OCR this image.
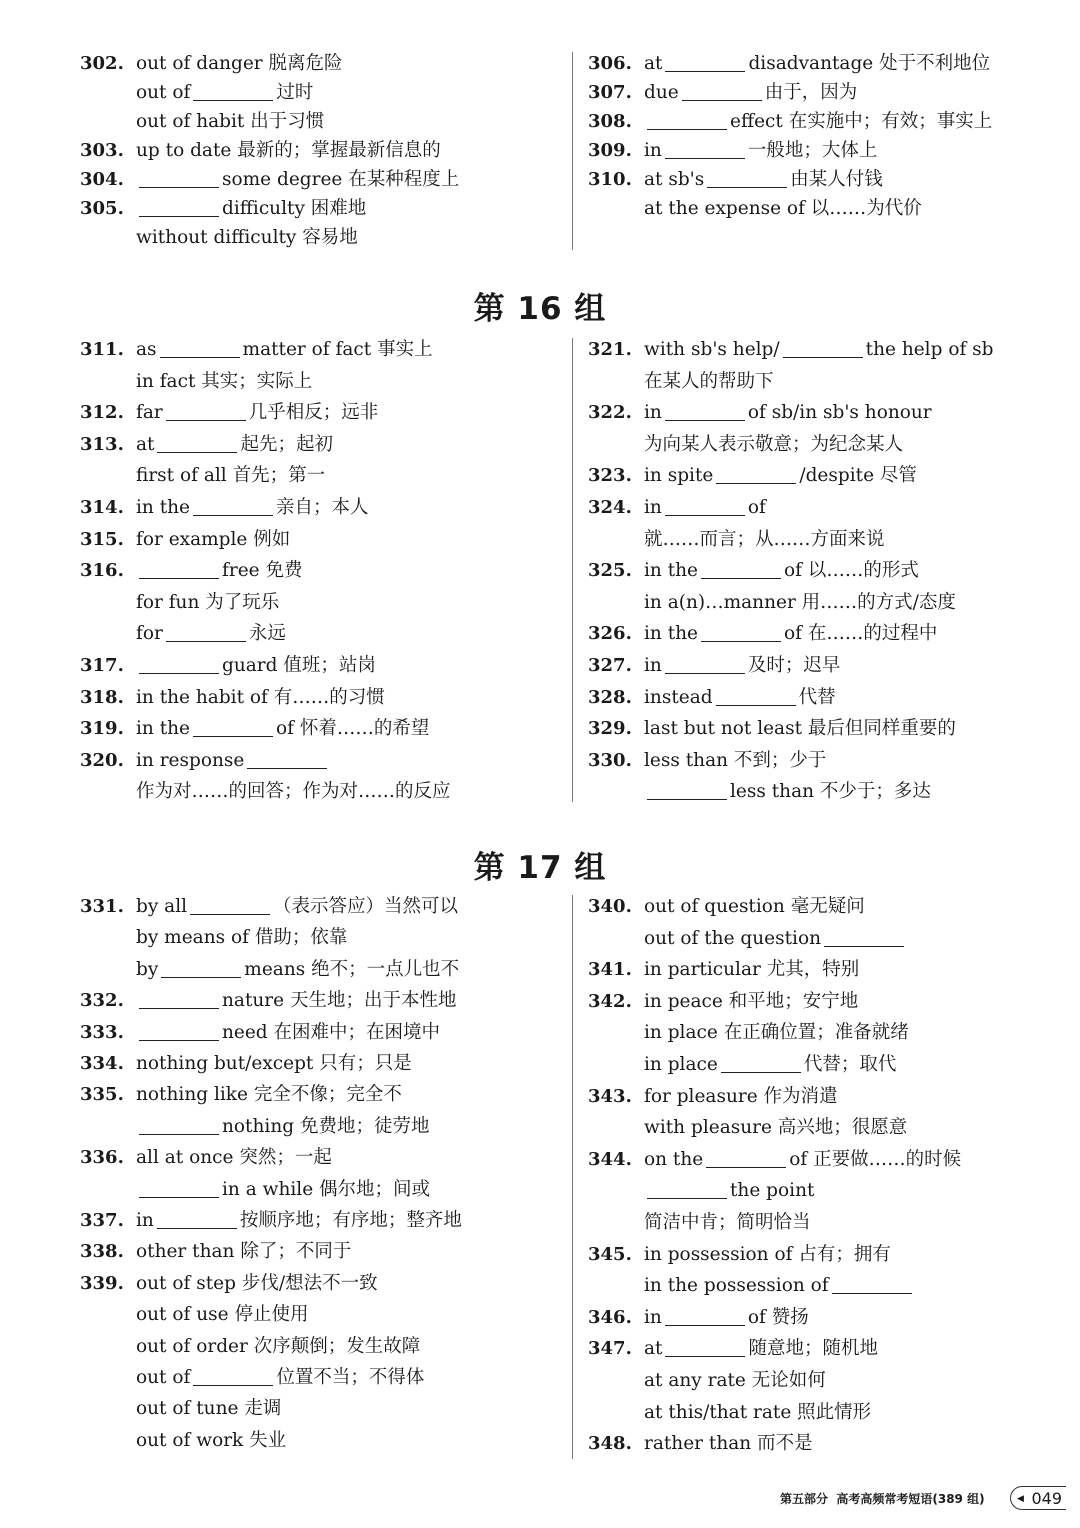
302. out of danger 脱离危险
out of	过时
out of habit 出于习惯
303. up to date 最新的；掌握最新信息的
304.	some degree 在某种程度上
305.	difficulty 困难地
without difficulty 容易地
306. at	disadvantage 处于不利地位
307. due	由于，因为
308.	effect 在实施中；有效；事实上
309. in	一般地；大体上
310. at sb's	由某人付钱
at the expense of 以……为代价
第 16 组
311. as	matter of fact 事实上
in fact 其实；实际上
312. far	几乎相反；远非
313. at	起先；起初
first of all 首先；第一
314. in the	亲自；本人
315. for example 例如
316.	free 免费
for fun 为了玩乐
for	永远
317.	guard 值班；站岗
318. in the habit of 有……的习惯
319. in the	of 怀着……的希望
320. in response
作为对……的回答；作为对……的反应
321. with sb's help/	the help of sb
在某人的帮助下
322. in	of sb/in sb's honour
为向某人表示敬意；为纪念某人
323. in spite	/despite 尽管
324. in	of
就……而言；从……方面来说
325. in the	of 以……的形式
in a(n)…manner 用……的方式/态度
326. in the	of 在……的过程中
327. in	及时；迟早
328. instead	代替
329. last but not least 最后但同样重要的
330. less than 不到；少于
less than 不少于；多达
第 17 组
331. by all	（表示答应）当然可以
by means of 借助；依靠
by	means 绝不；一点儿也不
332.	nature 天生地；出于本性地
333.	need 在困难中；在困境中
334. nothing but/except 只有；只是
335. nothing like 完全不像；完全不
nothing 免费地；徒劳地
336. all at once 突然；一起
in a while 偶尔地；间或
337. in	按顺序地；有序地；整齐地
338. other than 除了；不同于
339. out of step 步伐/想法不一致
out of use 停止使用
out of order 次序颠倒；发生故障
out of	位置不当；不得体
out of tune 走调
out of work 失业
340. out of question 毫无疑问
out of the question
341. in particular 尤其，特别
342. in peace 和平地；安宁地
in place 在正确位置；准备就绪
in place	代替；取代
343. for pleasure 作为消遣
with pleasure 高兴地；很愿意
344. on the	of 正要做……的时候
the point
简洁中肯；简明恰当
345. in possession of 占有；拥有
in the possession of
346. in	of 赞扬
347. at	随意地；随机地
at any rate 无论如何
at this/that rate 照此情形
348. rather than 而不是
第五部分 高考高频常考短语(389 组)	◀ 049
